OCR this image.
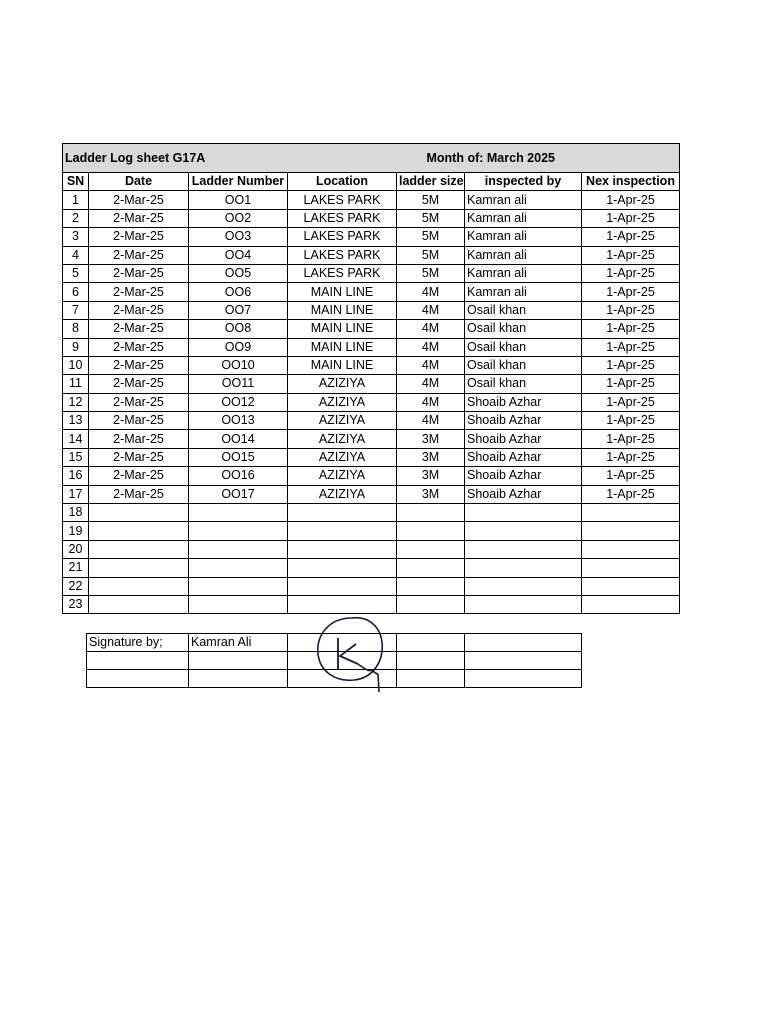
Ladder Log sheet G17A				Month of: March 2025		
SN	Date	Ladder Number	Location	ladder size	inspected by	Nex inspection
1	2-Mar-25	OO1	LAKES PARK	5M	Kamran ali	1-Apr-25
2	2-Mar-25	OO2	LAKES PARK	5M	Kamran ali	1-Apr-25
3	2-Mar-25	OO3	LAKES PARK	5M	Kamran ali	1-Apr-25
4	2-Mar-25	OO4	LAKES PARK	5M	Kamran ali	1-Apr-25
5	2-Mar-25	OO5	LAKES PARK	5M	Kamran ali	1-Apr-25
6	2-Mar-25	OO6	MAIN LINE	4M	Kamran ali	1-Apr-25
7	2-Mar-25	OO7	MAIN LINE	4M	Osail khan	1-Apr-25
8	2-Mar-25	OO8	MAIN LINE	4M	Osail khan	1-Apr-25
9	2-Mar-25	OO9	MAIN LINE	4M	Osail khan	1-Apr-25
10	2-Mar-25	OO10	MAIN LINE	4M	Osail khan	1-Apr-25
11	2-Mar-25	OO11	AZIZIYA	4M	Osail khan	1-Apr-25
12	2-Mar-25	OO12	AZIZIYA	4M	Shoaib Azhar	1-Apr-25
13	2-Mar-25	OO13	AZIZIYA	4M	Shoaib Azhar	1-Apr-25
14	2-Mar-25	OO14	AZIZIYA	3M	Shoaib Azhar	1-Apr-25
15	2-Mar-25	OO15	AZIZIYA	3M	Shoaib Azhar	1-Apr-25
16	2-Mar-25	OO16	AZIZIYA	3M	Shoaib Azhar	1-Apr-25
17	2-Mar-25	OO17	AZIZIYA	3M	Shoaib Azhar	1-Apr-25
18						
19						
20						
21						
22						
23						
Signature by;	Kamran Ali			
